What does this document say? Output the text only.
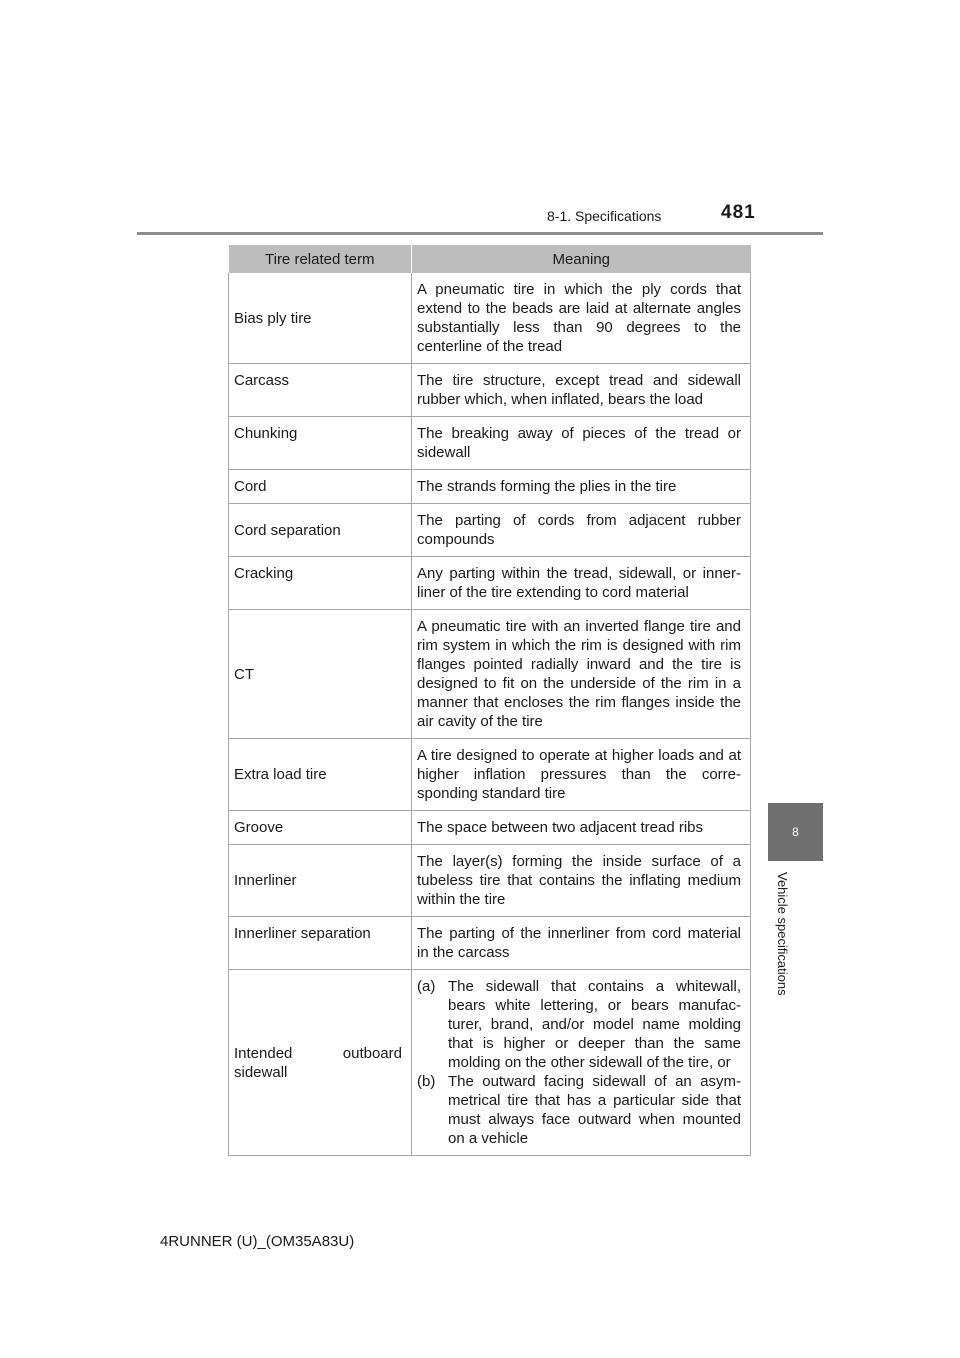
8-1. Specifications	481
8
Vehicle specifications
Tire related term	Meaning
Bias ply tire	A pneumatic tire in which the ply cords that extend to the beads are laid at alternate angles substantially less than 90 degrees to the centerline of the tread
Carcass	The tire structure, except tread and sidewall rubber which, when inflated, bears the load
Chunking	The breaking away of pieces of the tread or sidewall
Cord	The strands forming the plies in the tire
Cord separation	The parting of cords from adjacent rubber compounds
Cracking	Any parting within the tread, sidewall, or inner-liner of the tire extending to cord material
CT	A pneumatic tire with an inverted flange tire and rim system in which the rim is designed with rim flanges pointed radially inward and the tire is designed to fit on the underside of the rim in a manner that encloses the rim flanges inside the air cavity of the tire
Extra load tire	A tire designed to operate at higher loads and at higher inflation pressures than the corre-sponding standard tire
Groove	The space between two adjacent tread ribs
Innerliner	The layer(s) forming the inside surface of a tubeless tire that contains the inflating medium within the tire
Innerliner separation	The parting of the innerliner from cord material in the carcass

Intended outboard sidewall	(a) The sidewall that contains a whitewall, bears white lettering, or bears manufac-turer, brand, and/or model name molding that is higher or deeper than the same molding on the other sidewall of the tire, or
(b) The outward facing sidewall of an asym-metrical tire that has a particular side that must always face outward when mounted on a vehicle
4RUNNER (U)_(OM35A83U)
